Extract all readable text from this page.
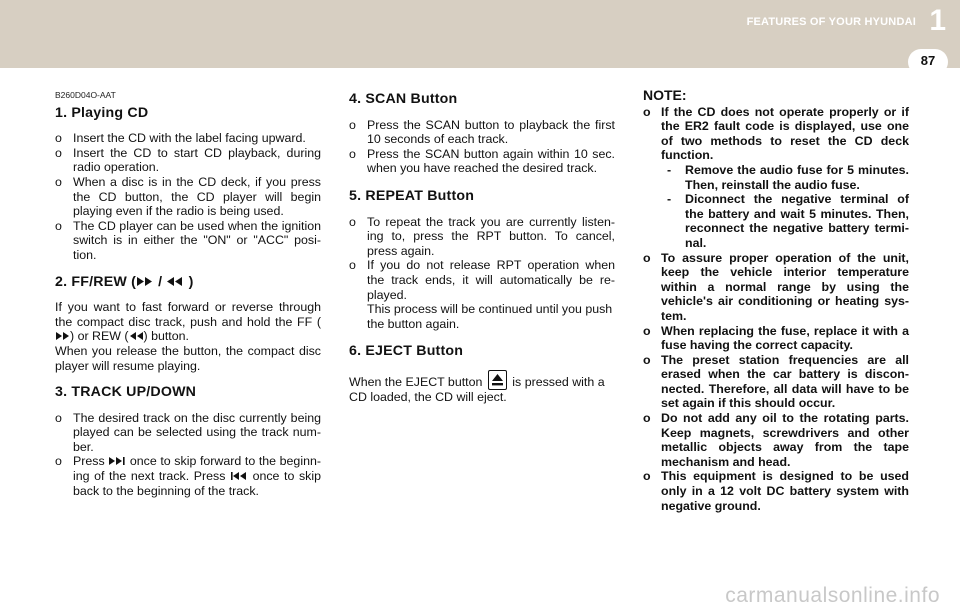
FEATURES OF YOUR HYUNDAI 1
87
B260D04O-AAT
1. Playing CD
o Insert the CD with the label facing upward.
o Insert the CD to start CD playback, during radio operation.
o When a disc is in the CD deck, if you press the CD button, the CD player will begin playing even if the radio is being used.
o The CD player can be used when the ignition switch is in either the "ON" or "ACC" posi-tion.
2. FF/REW ( /  )

If you want to fast forward or reverse through the compact disc track, push and hold the FF () or REW ( ) button.

When you release the button, the compact disc player will resume playing.

3. TRACK UP/DOWN
o The desired track on the disc currently being played can be selected using the track num-ber.
o Press  once to skip forward to the beginn-ing of the next track. Press  once to skip back to the beginning of the track.
4. SCAN Button
o Press the SCAN button to playback the first 10 seconds of each track.
o Press the SCAN button again within 10 sec. when you have reached the desired track.
5. REPEAT Button
o To repeat the track you are currently listen-ing to, press the RPT button. To cancel, press again.
o If you do not release RPT operation when the track ends, it will automatically be re-played.
This process will be continued until you push the button again.
6. EJECT Button

When the EJECT button is pressed with a CD loaded, the CD will eject.

NOTE:
o If the CD does not operate properly or if the ER2 fault code is displayed, use one of two methods to reset the CD deck function.
- Remove the audio fuse for 5 minutes. Then, reinstall the audio fuse.
- Diconnect the negative terminal of the battery and wait 5 minutes. Then, reconnect the negative battery termi-nal.
o To assure proper operation of the unit, keep the vehicle interior temperature within a normal range by using the vehicle's air conditioning or heating sys-tem.
o When replacing the fuse, replace it with a fuse having the correct capacity.
o The preset station frequencies are all erased when the car battery is discon-nected. Therefore, all data will have to be set again if this should occur.
o Do not add any oil to the rotating parts. Keep magnets, screwdrivers and other metallic objects away from the tape mechanism and head.
o This equipment is designed to be used only in a 12 volt DC battery system with negative ground.
carmanualsonline.info
